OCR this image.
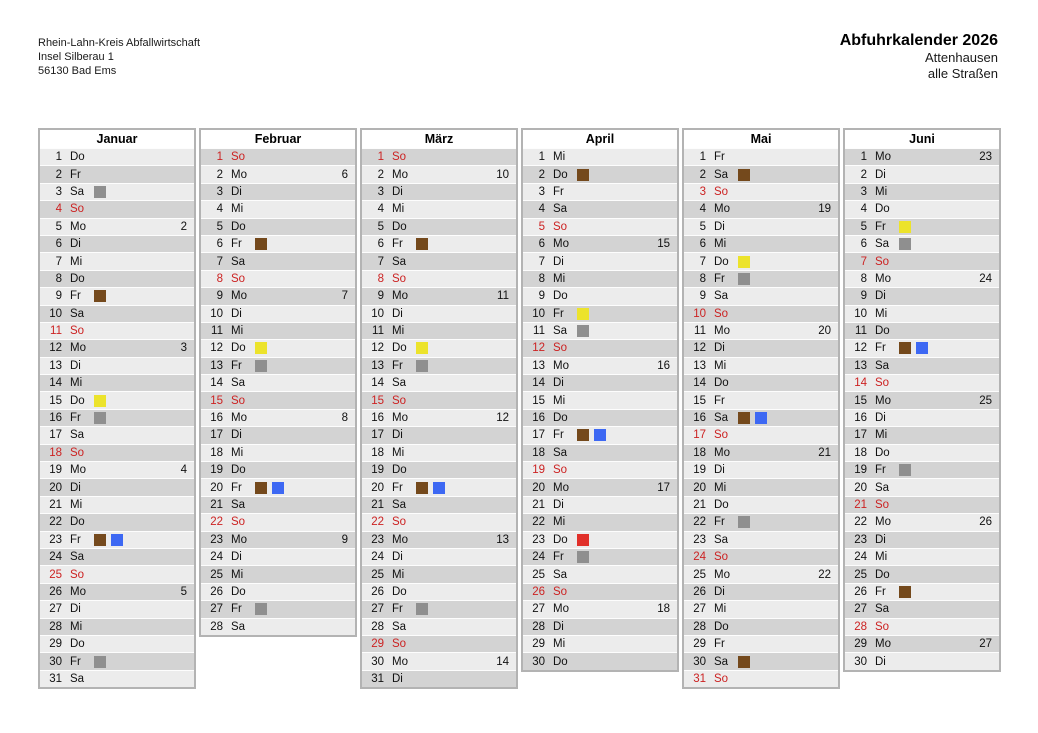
Rhein-Lahn-Kreis Abfallwirtschaft
Insel Silberau 1
56130 Bad Ems
Abfuhrkalender 2026
Attenhausen
alle Straßen
Januar
1 Do
2 Fr
3 Sa
4 So
5 Mo	2
6 Di
7 Mi
8 Do
9 Fr
10 Sa
11 So
12 Mo	3
13 Di
14 Mi
15 Do
16 Fr
17 Sa
18 So
19 Mo	4
20 Di
21 Mi
22 Do
23 Fr
24 Sa
25 So
26 Mo	5
27 Di
28 Mi
29 Do
30 Fr
31 Sa
Februar
1 So
2 Mo	6
3 Di
4 Mi
5 Do
6 Fr
7 Sa
8 So
9 Mo	7
10 Di
11 Mi
12 Do
13 Fr
14 Sa
15 So
16 Mo	8
17 Di
18 Mi
19 Do
20 Fr
21 Sa
22 So
23 Mo	9
24 Di
25 Mi
26 Do
27 Fr
28 Sa
März
1 So
2 Mo	10
3 Di
4 Mi
5 Do
6 Fr
7 Sa
8 So
9 Mo	11
10 Di
11 Mi
12 Do
13 Fr
14 Sa
15 So
16 Mo	12
17 Di
18 Mi
19 Do
20 Fr
21 Sa
22 So
23 Mo	13
24 Di
25 Mi
26 Do
27 Fr
28 Sa
29 So
30 Mo	14
31 Di
April
1 Mi
2 Do
3 Fr
4 Sa
5 So
6 Mo	15
7 Di
8 Mi
9 Do
10 Fr
11 Sa
12 So
13 Mo	16
14 Di
15 Mi
16 Do
17 Fr
18 Sa
19 So
20 Mo	17
21 Di
22 Mi
23 Do
24 Fr
25 Sa
26 So
27 Mo	18
28 Di
29 Mi
30 Do
Mai
1 Fr
2 Sa
3 So
4 Mo	19
5 Di
6 Mi
7 Do
8 Fr
9 Sa
10 So
11 Mo	20
12 Di
13 Mi
14 Do
15 Fr
16 Sa
17 So
18 Mo	21
19 Di
20 Mi
21 Do
22 Fr
23 Sa
24 So
25 Mo	22
26 Di
27 Mi
28 Do
29 Fr
30 Sa
31 So
Juni
1 Mo	23
2 Di
3 Mi
4 Do
5 Fr
6 Sa
7 So
8 Mo	24
9 Di
10 Mi
11 Do
12 Fr
13 Sa
14 So
15 Mo	25
16 Di
17 Mi
18 Do
19 Fr
20 Sa
21 So
22 Mo	26
23 Di
24 Mi
25 Do
26 Fr
27 Sa
28 So
29 Mo	27
30 Di
